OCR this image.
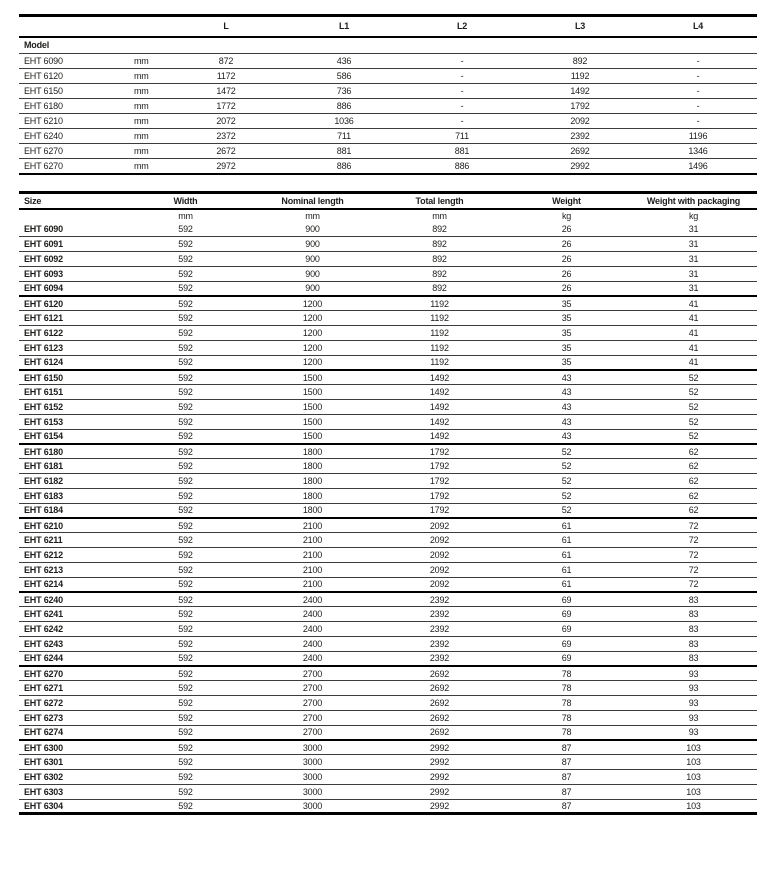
		L	L1	L2	L3	L4
Model						
EHT 6090	mm	872	436	-	892	-
EHT 6120	mm	1172	586	-	1192	-
EHT 6150	mm	1472	736	-	1492	-
EHT 6180	mm	1772	886	-	1792	-
EHT 6210	mm	2072	1036	-	2092	-
EHT 6240	mm	2372	711	711	2392	1196
EHT 6270	mm	2672	881	881	2692	1346
EHT 6270	mm	2972	886	886	2992	1496
Size	Width	Nominal length	Total length	Weight	Weight with packaging
	mm	mm	mm	kg	kg
EHT 6090	592	900	892	26	31
EHT 6091	592	900	892	26	31
EHT 6092	592	900	892	26	31
EHT 6093	592	900	892	26	31
EHT 6094	592	900	892	26	31
EHT 6120	592	1200	1192	35	41
EHT 6121	592	1200	1192	35	41
EHT 6122	592	1200	1192	35	41
EHT 6123	592	1200	1192	35	41
EHT 6124	592	1200	1192	35	41
EHT 6150	592	1500	1492	43	52
EHT 6151	592	1500	1492	43	52
EHT 6152	592	1500	1492	43	52
EHT 6153	592	1500	1492	43	52
EHT 6154	592	1500	1492	43	52
EHT 6180	592	1800	1792	52	62
EHT 6181	592	1800	1792	52	62
EHT 6182	592	1800	1792	52	62
EHT 6183	592	1800	1792	52	62
EHT 6184	592	1800	1792	52	62
EHT 6210	592	2100	2092	61	72
EHT 6211	592	2100	2092	61	72
EHT 6212	592	2100	2092	61	72
EHT 6213	592	2100	2092	61	72
EHT 6214	592	2100	2092	61	72
EHT 6240	592	2400	2392	69	83
EHT 6241	592	2400	2392	69	83
EHT 6242	592	2400	2392	69	83
EHT 6243	592	2400	2392	69	83
EHT 6244	592	2400	2392	69	83
EHT 6270	592	2700	2692	78	93
EHT 6271	592	2700	2692	78	93
EHT 6272	592	2700	2692	78	93
EHT 6273	592	2700	2692	78	93
EHT 6274	592	2700	2692	78	93
EHT 6300	592	3000	2992	87	103
EHT 6301	592	3000	2992	87	103
EHT 6302	592	3000	2992	87	103
EHT 6303	592	3000	2992	87	103
EHT 6304	592	3000	2992	87	103
